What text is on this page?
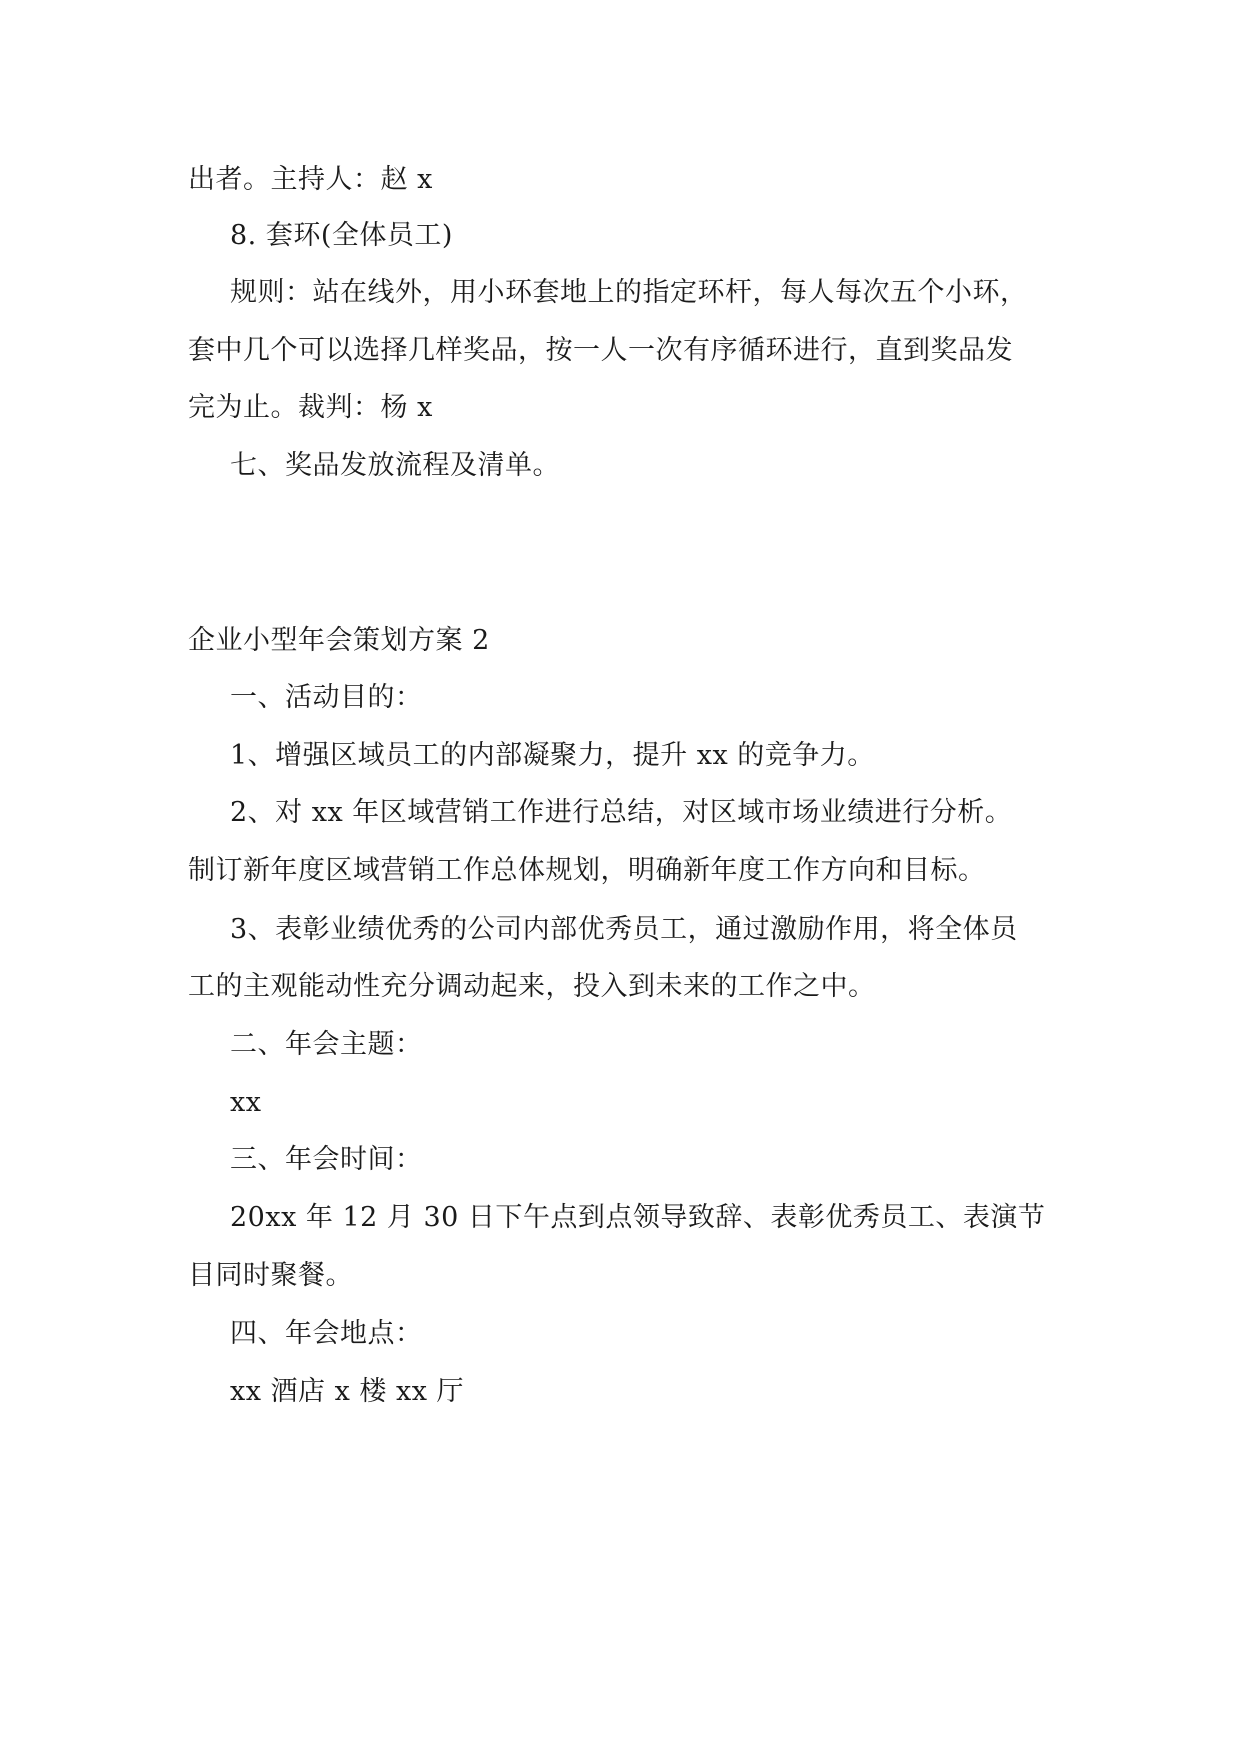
出者。主持人：赵 x

8. 套环(全体员工)

规则：站在线外，用小环套地上的指定环杆，每人每次五个小环，

套中几个可以选择几样奖品，按一人一次有序循环进行，直到奖品发

完为止。裁判：杨 x

七、奖品发放流程及清单。

企业小型年会策划方案 2

一、活动目的：

1、增强区域员工的内部凝聚力，提升 xx 的竞争力。

2、对 xx 年区域营销工作进行总结，对区域市场业绩进行分析。

制订新年度区域营销工作总体规划，明确新年度工作方向和目标。

3、表彰业绩优秀的公司内部优秀员工，通过激励作用，将全体员

工的主观能动性充分调动起来，投入到未来的工作之中。

二、年会主题：

xx

三、年会时间：

20xx 年 12 月 30 日下午点到点领导致辞、表彰优秀员工、表演节

目同时聚餐。

四、年会地点：

xx 酒店 x 楼 xx 厅
